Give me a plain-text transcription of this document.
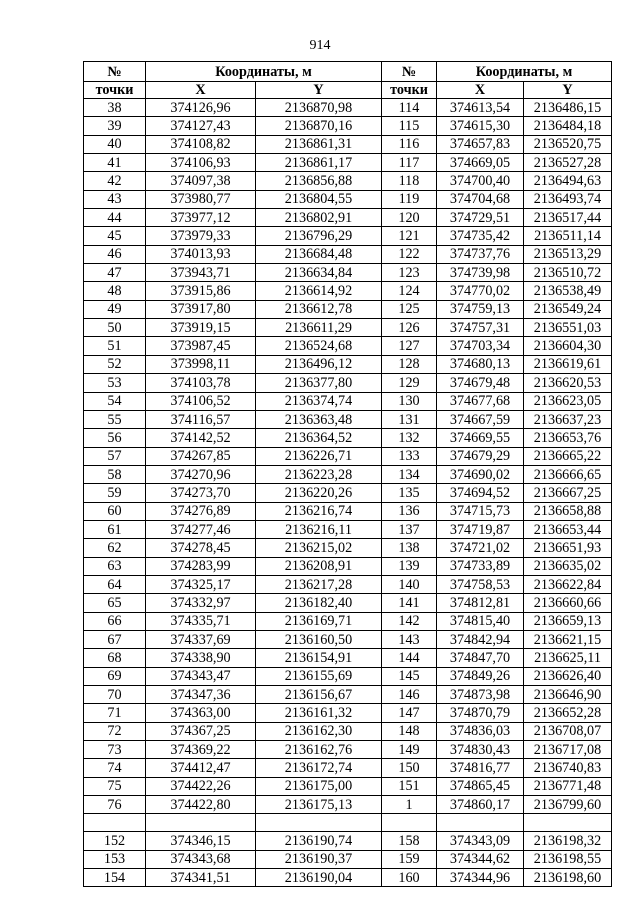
914
№	Координаты, м		№	Координаты, м	
точки	X	Y	точки	X	Y
38	374126,96	2136870,98	114	374613,54	2136486,15
39	374127,43	2136870,16	115	374615,30	2136484,18
40	374108,82	2136861,31	116	374657,83	2136520,75
41	374106,93	2136861,17	117	374669,05	2136527,28
42	374097,38	2136856,88	118	374700,40	2136494,63
43	373980,77	2136804,55	119	374704,68	2136493,74
44	373977,12	2136802,91	120	374729,51	2136517,44
45	373979,33	2136796,29	121	374735,42	2136511,14
46	374013,93	2136684,48	122	374737,76	2136513,29
47	373943,71	2136634,84	123	374739,98	2136510,72
48	373915,86	2136614,92	124	374770,02	2136538,49
49	373917,80	2136612,78	125	374759,13	2136549,24
50	373919,15	2136611,29	126	374757,31	2136551,03
51	373987,45	2136524,68	127	374703,34	2136604,30
52	373998,11	2136496,12	128	374680,13	2136619,61
53	374103,78	2136377,80	129	374679,48	2136620,53
54	374106,52	2136374,74	130	374677,68	2136623,05
55	374116,57	2136363,48	131	374667,59	2136637,23
56	374142,52	2136364,52	132	374669,55	2136653,76
57	374267,85	2136226,71	133	374679,29	2136665,22
58	374270,96	2136223,28	134	374690,02	2136666,65
59	374273,70	2136220,26	135	374694,52	2136667,25
60	374276,89	2136216,74	136	374715,73	2136658,88
61	374277,46	2136216,11	137	374719,87	2136653,44
62	374278,45	2136215,02	138	374721,02	2136651,93
63	374283,99	2136208,91	139	374733,89	2136635,02
64	374325,17	2136217,28	140	374758,53	2136622,84
65	374332,97	2136182,40	141	374812,81	2136660,66
66	374335,71	2136169,71	142	374815,40	2136659,13
67	374337,69	2136160,50	143	374842,94	2136621,15
68	374338,90	2136154,91	144	374847,70	2136625,11
69	374343,47	2136155,69	145	374849,26	2136626,40
70	374347,36	2136156,67	146	374873,98	2136646,90
71	374363,00	2136161,32	147	374870,79	2136652,28
72	374367,25	2136162,30	148	374836,03	2136708,07
73	374369,22	2136162,76	149	374830,43	2136717,08
74	374412,47	2136172,74	150	374816,77	2136740,83
75	374422,26	2136175,00	151	374865,45	2136771,48
76	374422,80	2136175,13	1	374860,17	2136799,60

152	374346,15	2136190,74	158	374343,09	2136198,32
153	374343,68	2136190,37	159	374344,62	2136198,55
154	374341,51	2136190,04	160	374344,96	2136198,60
